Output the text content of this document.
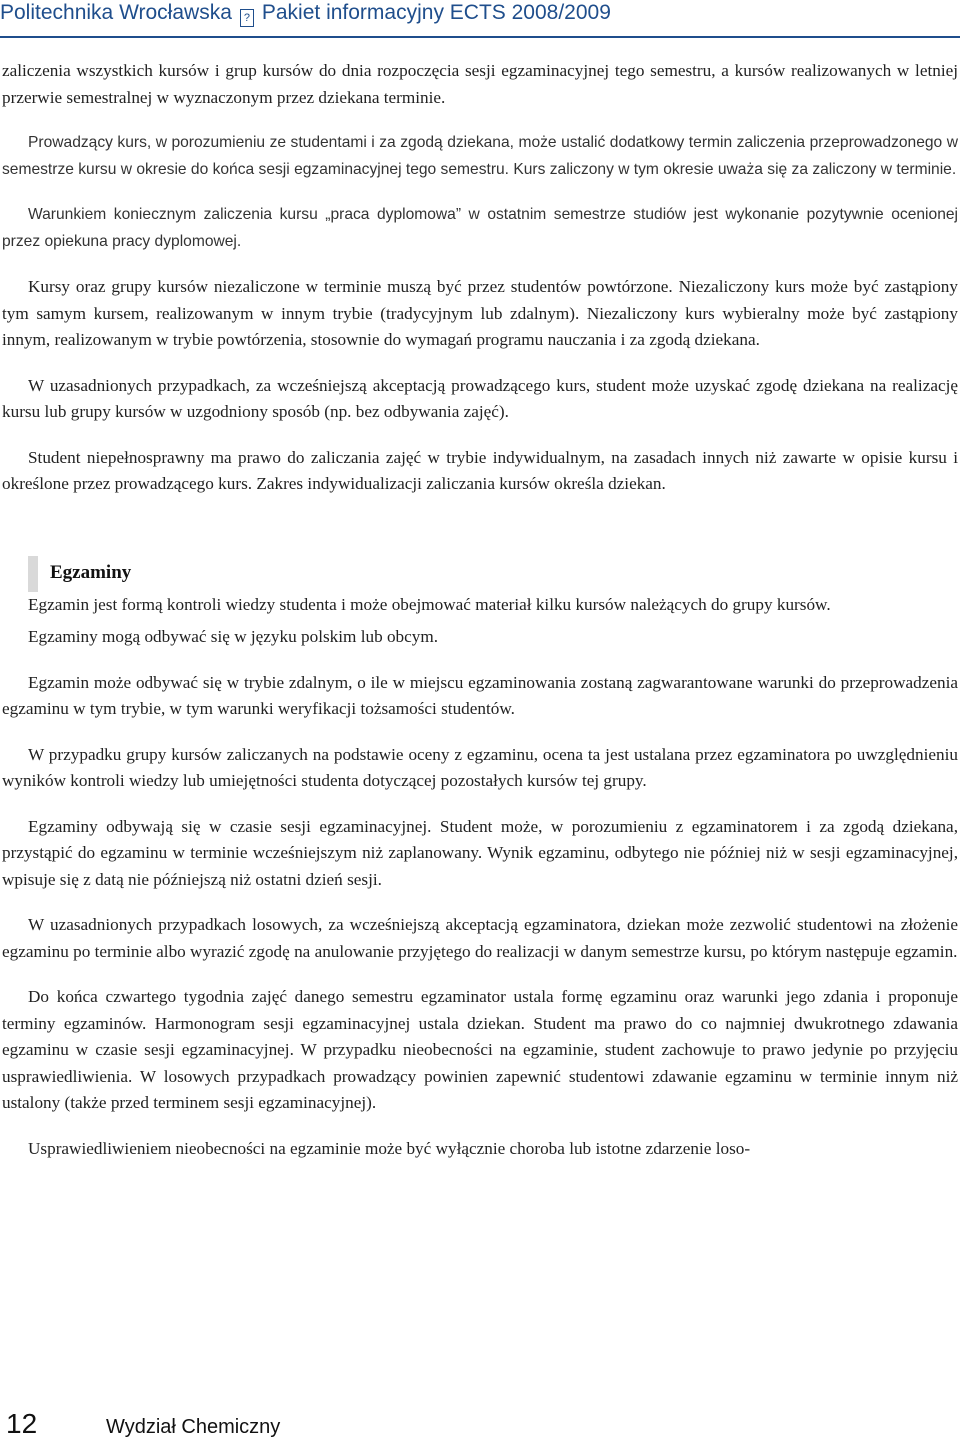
Politechnika Wrocławska ? Pakiet informacyjny ECTS 2008/2009

zaliczenia wszystkich kursów i grup kursów do dnia rozpoczęcia sesji egzaminacyjnej tego semestru, a kursów realizowanych w letniej przerwie semestralnej w wyznaczonym przez dziekana terminie.

Prowadzący kurs, w porozumieniu ze studentami i za zgodą dziekana, może ustalić dodatkowy termin zaliczenia przeprowadzonego w semestrze kursu w okresie do końca sesji egzaminacyjnej tego semestru. Kurs zaliczony w tym okresie uważa się za zaliczony w terminie.

Warunkiem koniecznym zaliczenia kursu „praca dyplomowa” w ostatnim semestrze studiów jest wykonanie pozytywnie ocenionej przez opiekuna pracy dyplomowej.

Kursy oraz grupy kursów niezaliczone w terminie muszą być przez studentów powtórzone. Niezaliczony kurs może być zastąpiony tym samym kursem, realizowanym w innym trybie (tradycyjnym lub zdalnym). Niezaliczony kurs wybieralny może być zastąpiony innym, realizowanym w trybie powtórzenia, stosownie do wymagań programu nauczania i za zgodą dziekana.

W uzasadnionych przypadkach, za wcześniejszą akceptacją prowadzącego kurs, student może uzyskać zgodę dziekana na realizację kursu lub grupy kursów w uzgodniony sposób (np. bez odbywania zajęć).

Student niepełnosprawny ma prawo do zaliczania zajęć w trybie indywidualnym, na zasadach innych niż zawarte w opisie kursu i określone przez prowadzącego kurs. Zakres indywidualizacji zaliczania kursów określa dziekan.

Egzaminy

Egzamin jest formą kontroli wiedzy studenta i może obejmować materiał kilku kursów należących do grupy kursów.

Egzaminy mogą odbywać się w języku polskim lub obcym.

Egzamin może odbywać się w trybie zdalnym, o ile w miejscu egzaminowania zostaną zagwarantowane warunki do przeprowadzenia egzaminu w tym trybie, w tym warunki weryfikacji tożsamości studentów.

W przypadku grupy kursów zaliczanych na podstawie oceny z egzaminu, ocena ta jest ustalana przez egzaminatora po uwzględnieniu wyników kontroli wiedzy lub umiejętności studenta dotyczącej pozostałych kursów tej grupy.

Egzaminy odbywają się w czasie sesji egzaminacyjnej. Student może, w porozumieniu z egzaminatorem i za zgodą dziekana, przystąpić do egzaminu w terminie wcześniejszym niż zaplanowany. Wynik egzaminu, odbytego nie później niż w sesji egzaminacyjnej, wpisuje się z datą nie późniejszą niż ostatni dzień sesji.

W uzasadnionych przypadkach losowych, za wcześniejszą akceptacją egzaminatora, dziekan może zezwolić studentowi na złożenie egzaminu po terminie albo wyrazić zgodę na anulowanie przyjętego do realizacji w danym semestrze kursu, po którym następuje egzamin.

Do końca czwartego tygodnia zajęć danego semestru egzaminator ustala formę egzaminu oraz warunki jego zdania i proponuje terminy egzaminów. Harmonogram sesji egzaminacyjnej ustala dziekan. Student ma prawo do co najmniej dwukrotnego zdawania egzaminu w czasie sesji egzaminacyjnej. W przypadku nieobecności na egzaminie, student zachowuje to prawo jedynie po przyjęciu usprawiedliwienia. W losowych przypadkach prowadzący powinien zapewnić studentowi zdawanie egzaminu w terminie innym niż ustalony (także przed terminem sesji egzaminacyjnej).

Usprawiedliwieniem nieobecności na egzaminie może być wyłącznie choroba lub istotne zdarzenie loso-

12	Wydział Chemiczny
